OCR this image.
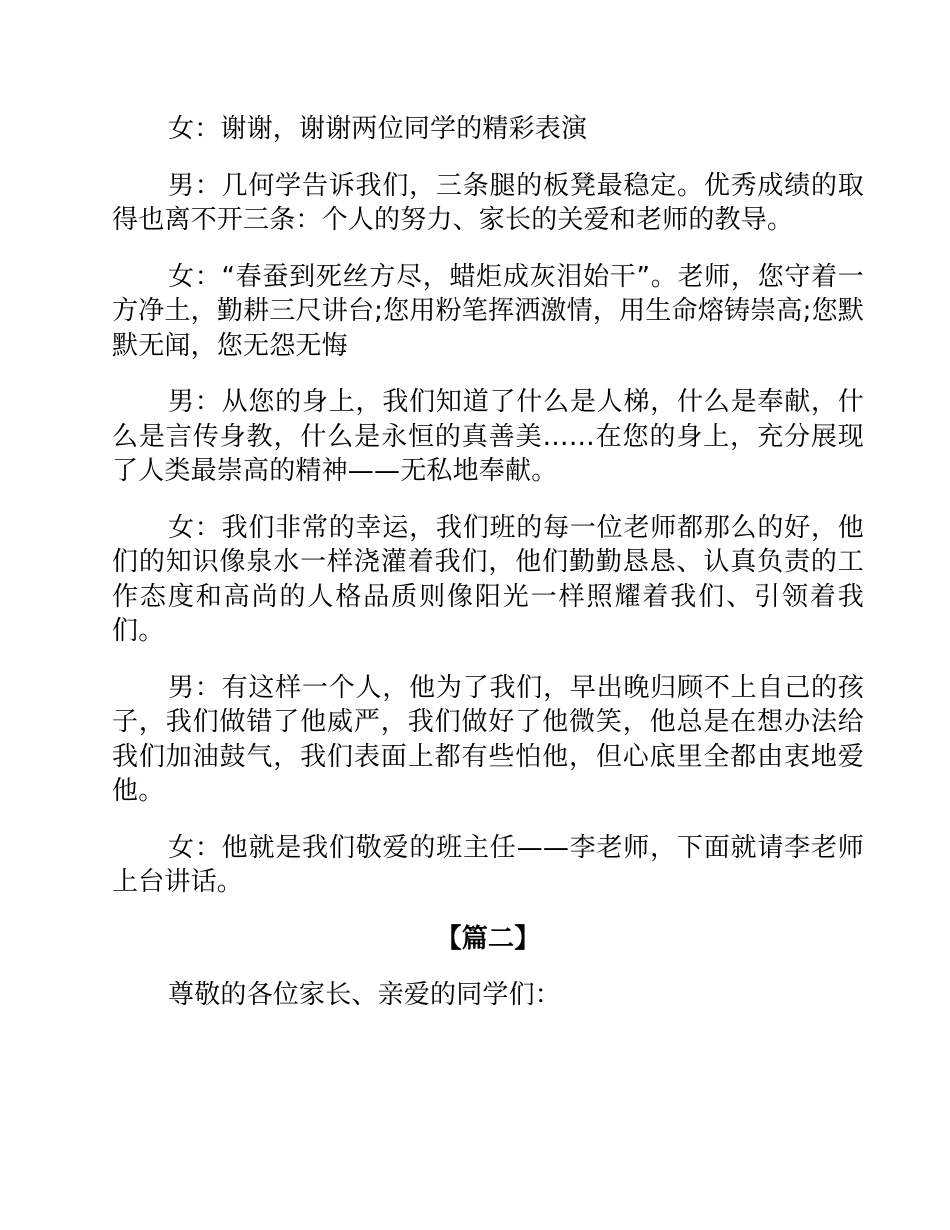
女：谢谢，谢谢两位同学的精彩表演

男：几何学告诉我们，三条腿的板凳最稳定。优秀成绩的取得也离不开三条：个人的努力、家长的关爱和老师的教导。

女：“春蚕到死丝方尽，蜡炬成灰泪始干”。老师，您守着一方净土，勤耕三尺讲台;您用粉笔挥洒激情，用生命熔铸崇高;您默默无闻，您无怨无悔

男：从您的身上，我们知道了什么是人梯，什么是奉献，什么是言传身教，什么是永恒的真善美……在您的身上，充分展现了人类最崇高的精神——无私地奉献。

女：我们非常的幸运，我们班的每一位老师都那么的好，他们的知识像泉水一样浇灌着我们，他们勤勤恳恳、认真负责的工作态度和高尚的人格品质则像阳光一样照耀着我们、引领着我们。

男：有这样一个人，他为了我们，早出晚归顾不上自己的孩子，我们做错了他威严，我们做好了他微笑，他总是在想办法给我们加油鼓气，我们表面上都有些怕他，但心底里全都由衷地爱他。

女：他就是我们敬爱的班主任——李老师，下面就请李老师上台讲话。

【篇二】

尊敬的各位家长、亲爱的同学们：
